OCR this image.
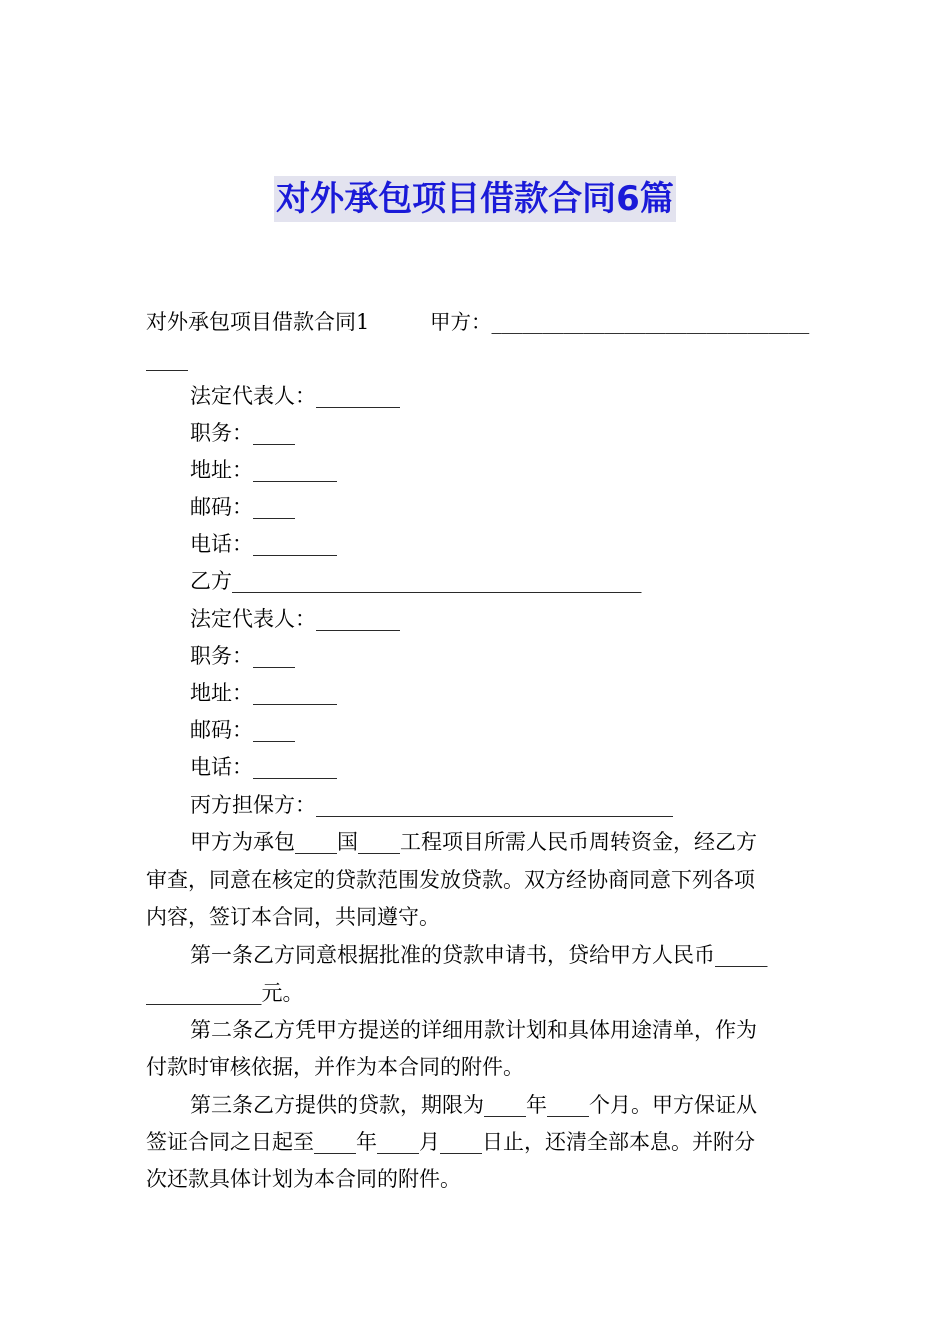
对外承包项目借款合同6篇
对外承包项目借款合同1	甲方：_______________________________
____
法定代表人：________
职务：____
地址：________
邮码：____
电话：________
乙方_______________________________________
法定代表人：________
职务：____
地址：________
邮码：____
电话：________
丙方担保方：__________________________________
甲方为承包____国____工程项目所需人民币周转资金，经乙方
审查，同意在核定的贷款范围发放贷款。双方经协商同意下列各项
内容，签订本合同，共同遵守。
第一条乙方同意根据批准的贷款申请书，贷给甲方人民币_____
___________元。
第二条乙方凭甲方提送的详细用款计划和具体用途清单，作为
付款时审核依据，并作为本合同的附件。
第三条乙方提供的贷款，期限为____年____个月。甲方保证从
签证合同之日起至____年____月____日止，还清全部本息。并附分
次还款具体计划为本合同的附件。
